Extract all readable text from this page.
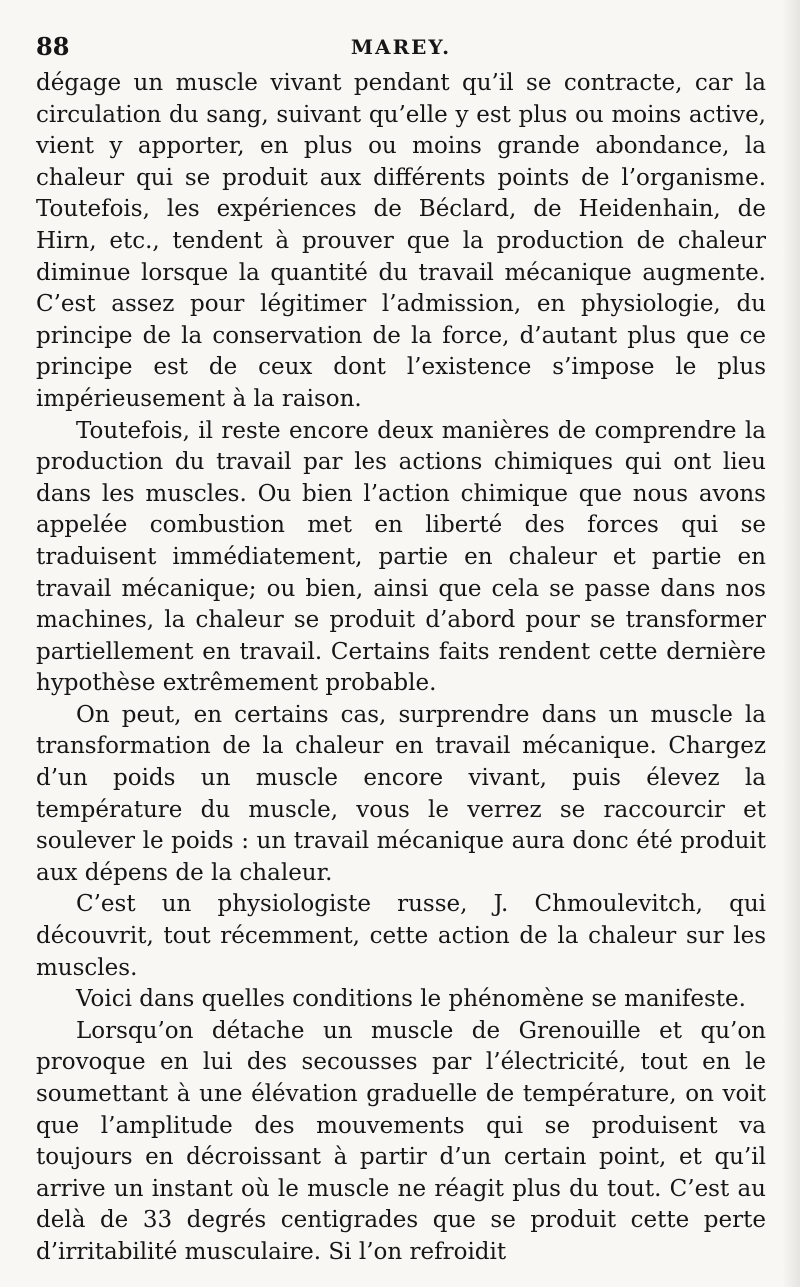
88	MAREY.

dégage un muscle vivant pendant qu’il se contracte, car la circulation du sang, suivant qu’elle y est plus ou moins active, vient y apporter, en plus ou moins grande abondance, la chaleur qui se produit aux différents points de l’organisme. Toutefois, les expériences de Béclard, de Heidenhain, de Hirn, etc., tendent à prouver que la production de chaleur diminue lorsque la quantité du travail mécanique augmente. C’est assez pour légitimer l’admission, en physiologie, du principe de la conservation de la force, d’autant plus que ce principe est de ceux dont l’existence s’impose le plus impérieusement à la raison.

Toutefois, il reste encore deux manières de comprendre la production du travail par les actions chimiques qui ont lieu dans les muscles. Ou bien l’action chimique que nous avons appelée combustion met en liberté des forces qui se traduisent immédiatement, partie en chaleur et partie en travail mécanique; ou bien, ainsi que cela se passe dans nos machines, la chaleur se produit d’abord pour se transformer partiellement en travail. Certains faits rendent cette dernière hypothèse extrêmement probable.

On peut, en certains cas, surprendre dans un muscle la transformation de la chaleur en travail mécanique. Chargez d’un poids un muscle encore vivant, puis élevez la température du muscle, vous le verrez se raccourcir et soulever le poids : un travail mécanique aura donc été produit aux dépens de la chaleur.

C’est un physiologiste russe, J. Chmoulevitch, qui découvrit, tout récemment, cette action de la chaleur sur les muscles.

Voici dans quelles conditions le phénomène se manifeste.

Lorsqu’on détache un muscle de Grenouille et qu’on provoque en lui des secousses par l’électricité, tout en le soumettant à une élévation graduelle de température, on voit que l’amplitude des mouvements qui se produisent va toujours en décroissant à partir d’un certain point, et qu’il arrive un instant où le muscle ne réagit plus du tout. C’est au delà de 33 degrés centigrades que se produit cette perte d’irritabilité musculaire. Si l’on refroidit
